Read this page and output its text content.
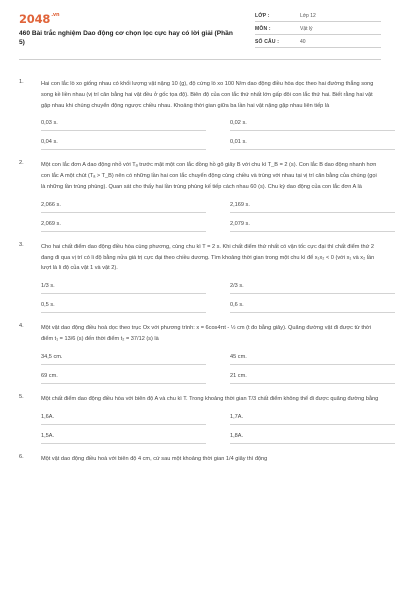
$2048^{.vn}$
460 Bài trắc nghiệm Dao động cơ chọn lọc cực hay có lời giải (Phần 5)
LỚP :	Lớp 12
MÔN :	Vật lý
SỐ CÂU :	40
1.	Hai con lắc lò xo giống nhau có khối lượng vật nặng 10 (g), độ cứng lò xo 100 N/m dao động điều hòa dọc theo hai đường thẳng song song kề liền nhau (vị trí cân bằng hai vật đều ở gốc tọa độ). Biên độ của con lắc thứ nhất lớn gấp đôi con lắc thứ hai. Biết rằng hai vật gặp nhau khi chúng chuyển động ngược chiều nhau. Khoảng thời gian giữa ba lần hai vật nặng gặp nhau liên tiếp là
0,03 s.	0,02 s.
0,04 s.	0,01 s.
2.	Một con lắc đơn A dao động nhỏ với Tₐ trước mặt một con lắc đồng hồ gõ giây B với chu kì T_B = 2 (s). Con lắc B dao động nhanh hơn con lắc A một chút (Tₐ > T_B) nên có những lần hai con lắc chuyển động cùng chiều và trùng với nhau tại vị trí cân bằng của chúng (gọi là những lần trùng phùng). Quan sát cho thấy hai lần trùng phùng kế tiếp cách nhau 60 (s). Chu kỳ dao động của con lắc đơn A là
2,066 s.	2,169 s.
2,069 s.	2,079 s.
3.	Cho hai chất điểm dao động điều hòa cùng phương, cùng chu kì T = 2 s. Khi chất điểm thứ nhất có vận tốc cực đại thì chất điểm thứ 2 đang đi qua vị trí có li độ bằng nửa giá trị cực đại theo chiều dương. Tìm khoảng thời gian trong một chu kì để x₁x₂ < 0 (với x₁ và x₂ lần lượt là li độ của vật 1 và vật 2).
1/3 s.	2/3 s.
0,5 s.	0,6 s.
4.	Một vật dao động điều hoà dọc theo trục Ox với phương trình: x = 6cos4πt - ½ cm (t đo bằng giây). Quãng đường vật đi được từ thời điểm t₁ = 13/6 (s) đến thời điểm t₂ = 37/12 (s) là
34,5 cm.	45 cm.
69 cm.	21 cm.
5.	Một chất điểm dao động điều hòa với biên độ A và chu kì T. Trong khoảng thời gian T/3 chất điểm không thể đi được quãng đường bằng
1,6A.	1,7A.
1,5A.	1,8A.
6.	Một vật dao động điều hoà với biên độ 4 cm, cứ sau một khoảng thời gian 1/4 giây thì động
